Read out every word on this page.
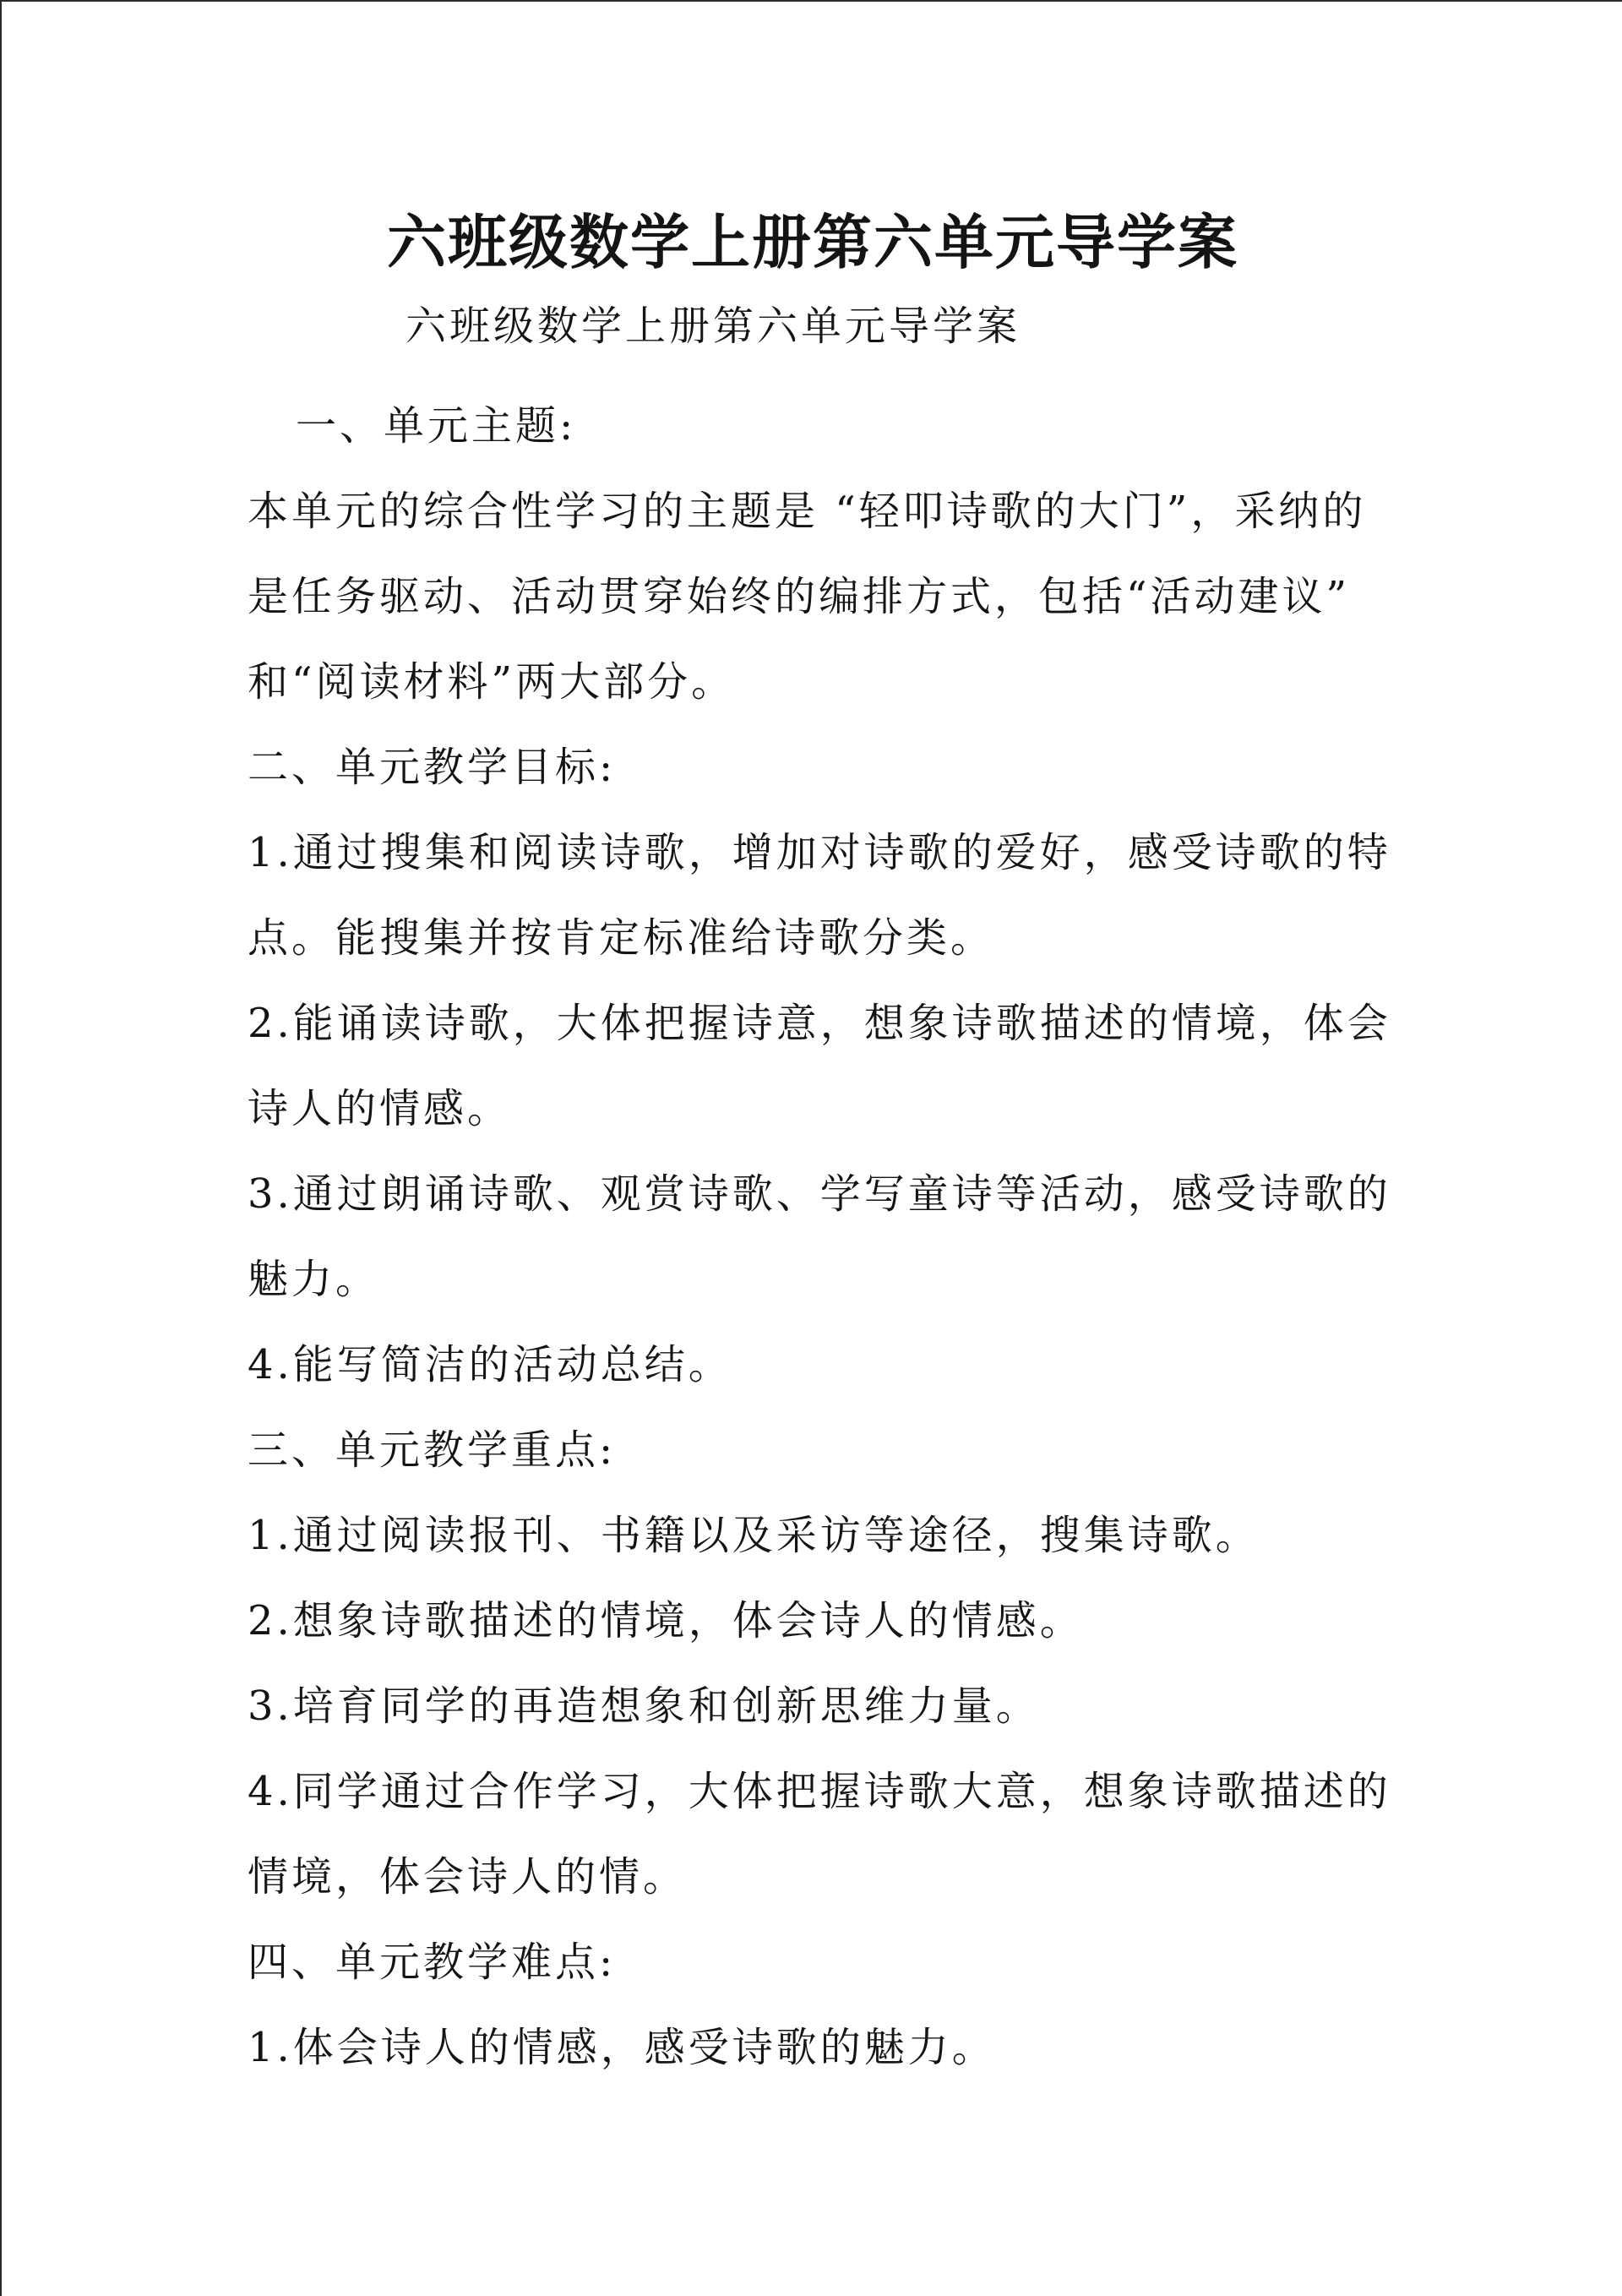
六班级数学上册第六单元导学案
六班级数学上册第六单元导学案
一、单元主题:
本单元的综合性学习的主题是 “轻叩诗歌的大门”，采纳的
是任务驱动、活动贯穿始终的编排方式，包括“活动建议”
和“阅读材料”两大部分。
二、单元教学目标:
1.通过搜集和阅读诗歌，增加对诗歌的爱好，感受诗歌的特
点。能搜集并按肯定标准给诗歌分类。
2.能诵读诗歌，大体把握诗意，想象诗歌描述的情境，体会
诗人的情感。
3.通过朗诵诗歌、观赏诗歌、学写童诗等活动，感受诗歌的
魅力。
4.能写简洁的活动总结。
三、单元教学重点:
1.通过阅读报刊、书籍以及采访等途径，搜集诗歌。
2.想象诗歌描述的情境，体会诗人的情感。
3.培育同学的再造想象和创新思维力量。
4.同学通过合作学习，大体把握诗歌大意，想象诗歌描述的
情境，体会诗人的情。
四、单元教学难点:
1.体会诗人的情感，感受诗歌的魅力。
